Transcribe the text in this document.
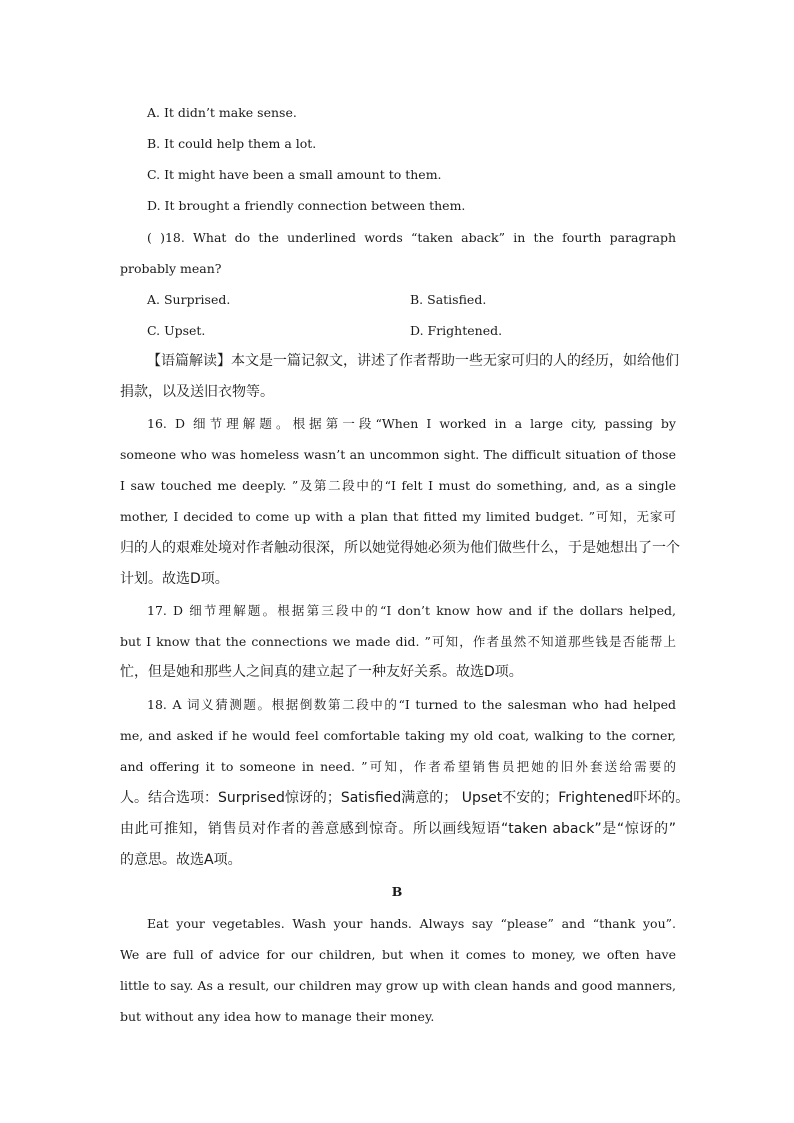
A. It didn’t make sense.
B. It could help them a lot.
C. It might have been a small amount to them.
D. It brought a friendly connection between them.
( )18. What do the underlined words “taken aback” in the fourth paragraph
probably mean?
A. Surprised.	B. Satisfied.
C. Upset.	D. Frightened.
【语篇解读】本文是一篇记叙文，讲述了作者帮助一些无家可归的人的经历，如给他们
捐款，以及送旧衣物等。
16. D 细节理解题。根据第一段“When I worked in a large city, passing by
someone who was homeless wasn’t an uncommon sight. The difficult situation of those
I saw touched me deeply. ”及第二段中的“I felt I must do something, and, as a single
mother, I decided to come up with a plan that fitted my limited budget. ”可知，无家可
归的人的艰难处境对作者触动很深，所以她觉得她必须为他们做些什么，于是她想出了一个
计划。故选D项。
17. D 细节理解题。根据第三段中的“I don’t know how and if the dollars helped,
but I know that the connections we made did. ”可知，作者虽然不知道那些钱是否能帮上
忙，但是她和那些人之间真的建立起了一种友好关系。故选D项。
18. A 词义猜测题。根据倒数第二段中的“I turned to the salesman who had helped
me, and asked if he would feel comfortable taking my old coat, walking to the corner,
and offering it to someone in need. ”可知，作者希望销售员把她的旧外套送给需要的
人。结合选项：Surprised惊讶的；Satisfied满意的； Upset不安的；Frightened吓坏的。
由此可推知，销售员对作者的善意感到惊奇。所以画线短语“taken aback”是“惊讶的”
的意思。故选A项。
B
Eat your vegetables. Wash your hands. Always say “please” and “thank you”.
We are full of advice for our children, but when it comes to money, we often have
little to say. As a result, our children may grow up with clean hands and good manners,
but without any idea how to manage their money.
